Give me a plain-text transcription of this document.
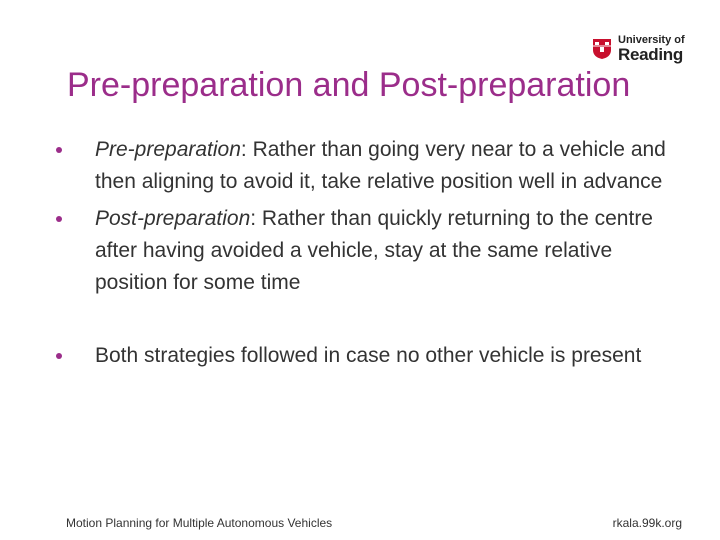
University of
Reading
Pre-preparation and Post-preparation
Pre-preparation: Rather than going very near to a vehicle and then aligning to avoid it, take relative position well in advance
Post-preparation: Rather than quickly returning to the centre after having avoided a vehicle, stay at the same relative position for some time
Both strategies followed in case no other vehicle is present
Motion Planning for Multiple Autonomous Vehicles	rkala.99k.org
